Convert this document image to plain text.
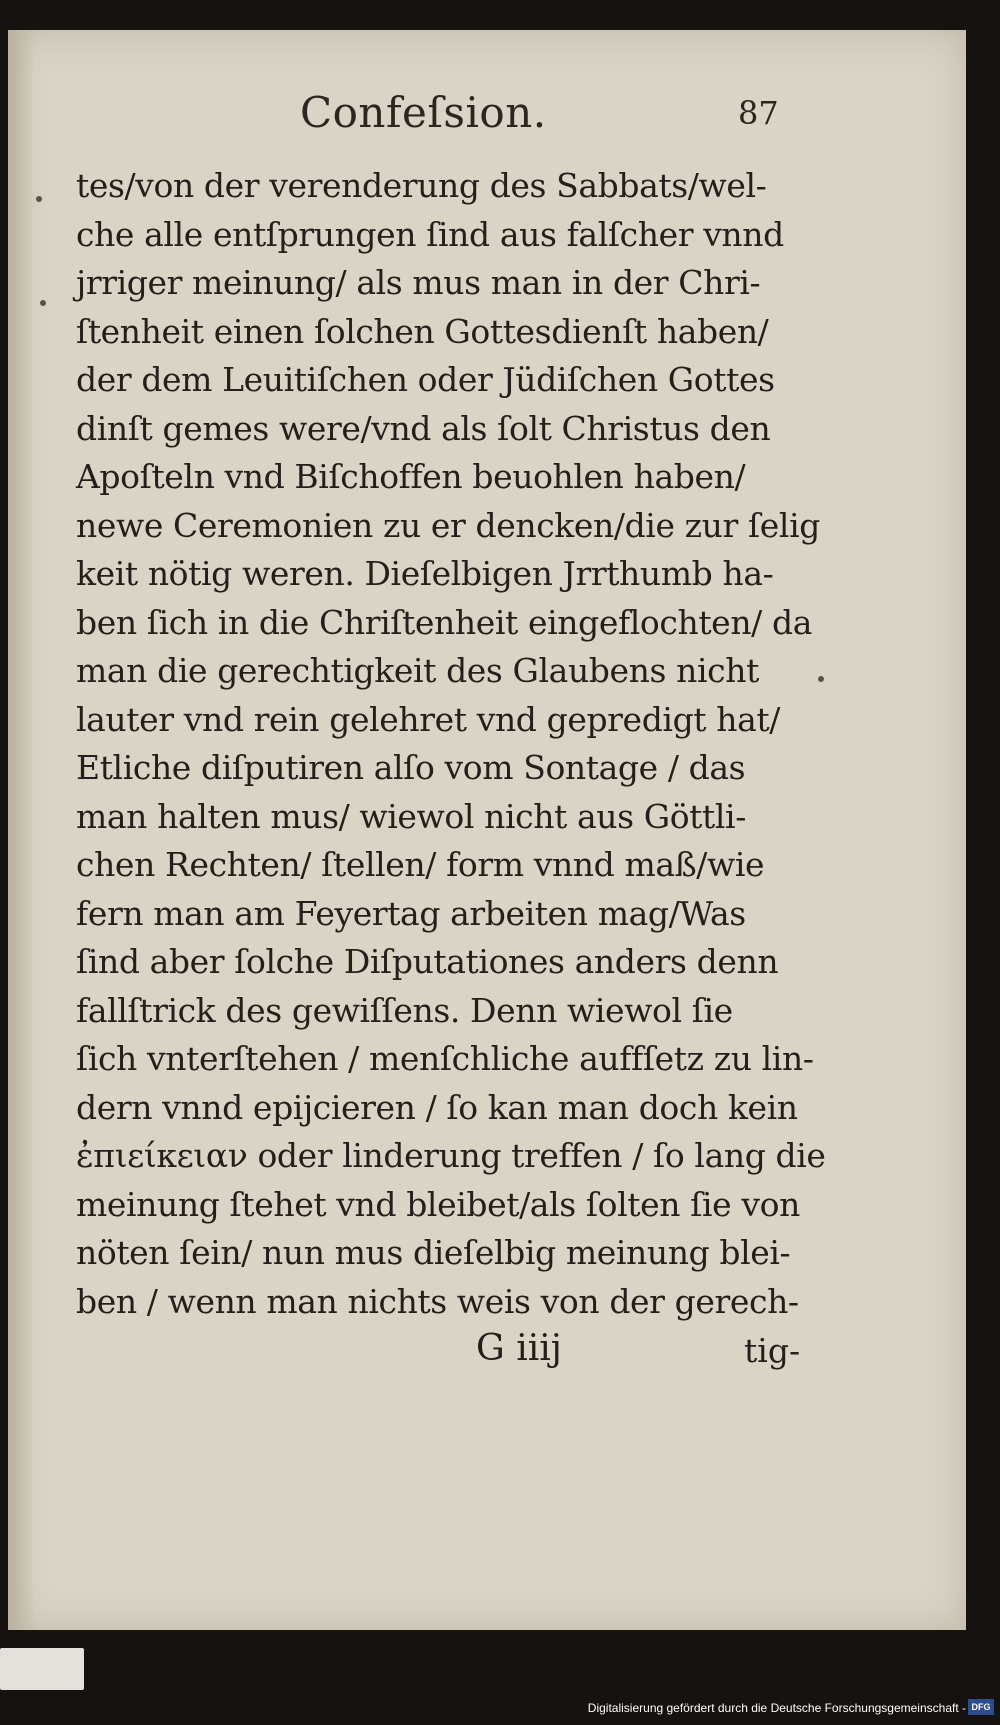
Confeſsion.	87
tes/von der verenderung des Sabbats/wel-
che alle entſprungen ſind aus falſcher vnnd
jrriger meinung/ als mus man in der Chri-
ſtenheit einen ſolchen Gottesdienſt haben/
der dem Leuitiſchen oder Jüdiſchen Gottes
dinſt gemes were/vnd als ſolt Christus den
Apoſteln vnd Biſchoffen beuohlen haben/
newe Ceremonien zu er dencken/die zur ſelig
keit nötig weren. Dieſelbigen Jrrthumb ha-
ben ſich in die Chriſtenheit eingeflochten/ da
man die gerechtigkeit des Glaubens nicht
lauter vnd rein gelehret vnd gepredigt hat/
Etliche diſputiren alſo vom Sontage / das
man halten mus/ wiewol nicht aus Göttli-
chen Rechten/ ſtellen/ form vnnd maß/wie
fern man am Feyertag arbeiten mag/Was
ſind aber ſolche Diſputationes anders denn
fallſtrick des gewiſſens. Denn wiewol ſie
ſich vnterſtehen / menſchliche auffſetz zu lin-
dern vnnd epijcieren / ſo kan man doch kein
ἐπιείκειαν oder linderung treffen / ſo lang die
meinung ſtehet vnd bleibet/als ſolten ſie von
nöten ſein/ nun mus dieſelbig meinung blei-
ben / wenn man nichts weis von der gerech-
G iiij	tig-
Digitalisierung gefördert durch die Deutsche Forschungsgemeinschaft - DFG
